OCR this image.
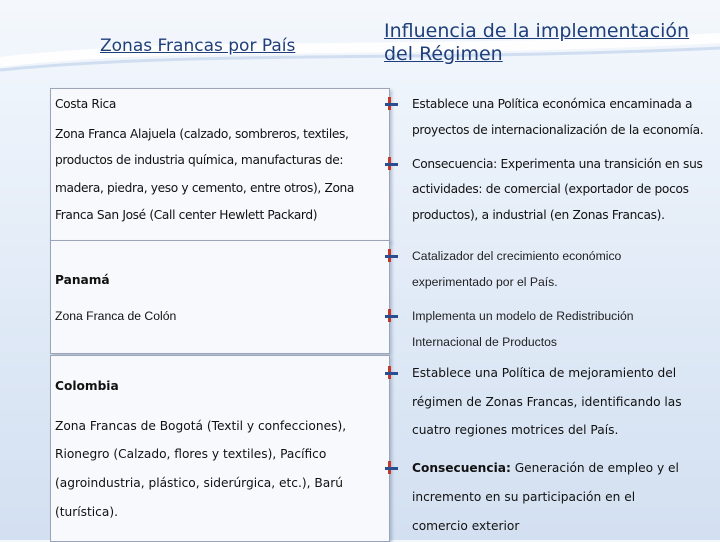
Zonas Francas por País
Influencia de la implementación del Régimen
Costa Rica
Zona Franca Alajuela (calzado, sombreros, textiles,
productos de industria química, manufacturas de:
madera, piedra, yeso y cemento, entre otros), Zona
Franca San José (Call center Hewlett Packard)
Panamá
Zona Franca de Colón
Colombia
Zona Francas de Bogotá (Textil y confecciones),
Rionegro (Calzado, flores y textiles), Pacífico
(agroindustria, plástico, siderúrgica, etc.), Barú
(turística).
Establece una Política económica encaminada a
proyectos de internacionalización de la economía.
Consecuencia: Experimenta una transición en sus
actividades: de comercial (exportador de pocos
productos), a industrial (en Zonas Francas).
Catalizador del crecimiento económico
experimentado por el País.
Implementa un modelo de Redistribución
Internacional de Productos
Establece una Política de mejoramiento del
régimen de Zonas Francas, identificando las
cuatro regiones motrices del País.
Consecuencia: Generación de empleo y el
incremento en su participación en el
comercio exterior
